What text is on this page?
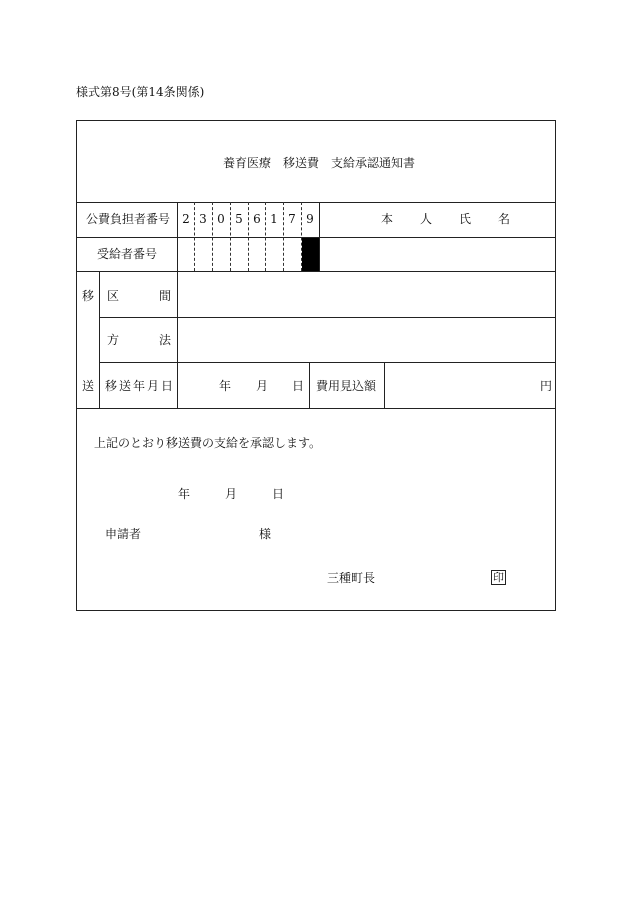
様式第8号(第14条関係)
養育医療　移送費　支給承認通知書
公費負担者番号 2 3 0 5 6 1 7 9	本　　人　　氏　　名
受給者番号
移
送
区　　　間
方　　　法
移送年月日	年 月 日 費用見込額	円
上記のとおり移送費の支給を承認します。
年	月	日
申請者	様
三種町長	印
